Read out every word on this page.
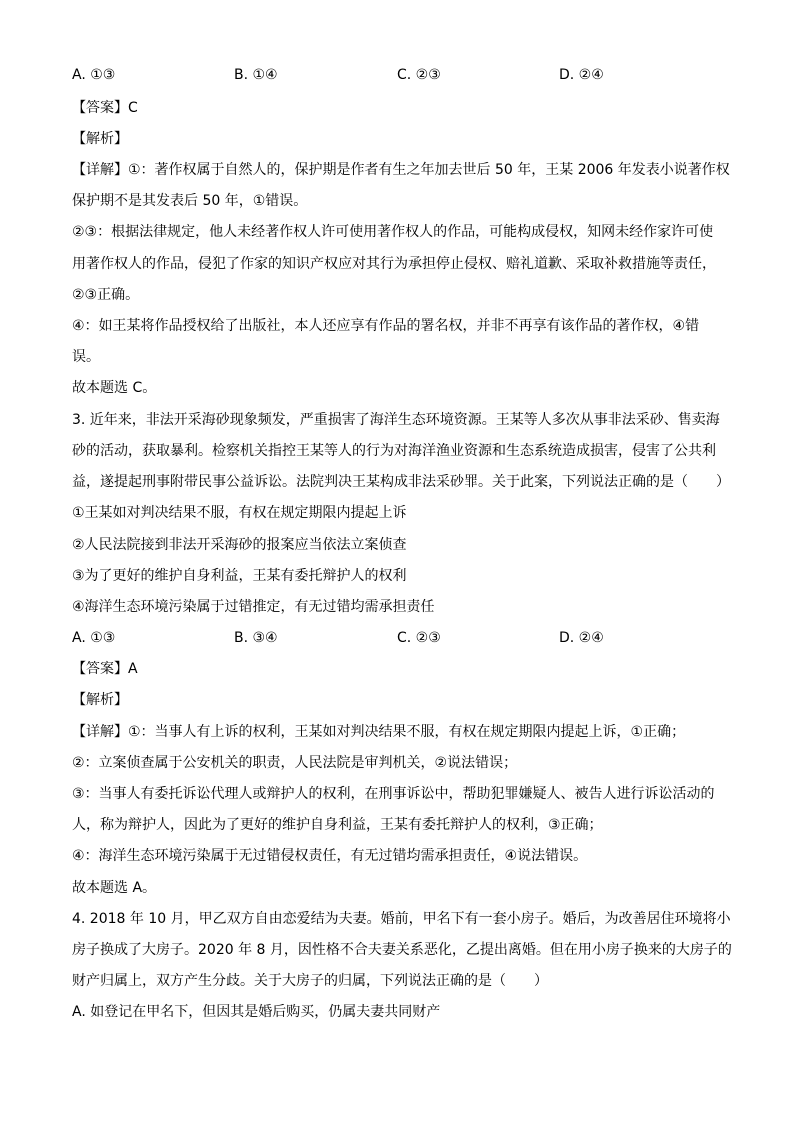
A. ①③	B. ①④	C. ②③	D. ②④
【答案】C
【解析】
【详解】①：著作权属于自然人的，保护期是作者有生之年加去世后 50 年，王某 2006 年发表小说著作权
保护期不是其发表后 50 年，①错误。
②③：根据法律规定，他人未经著作权人许可使用著作权人的作品，可能构成侵权，知网未经作家许可使
用著作权人的作品，侵犯了作家的知识产权应对其行为承担停止侵权、赔礼道歉、采取补救措施等责任，
②③正确。
④：如王某将作品授权给了出版社，本人还应享有作品的署名权，并非不再享有该作品的著作权，④错
误。
故本题选 C。
3. 近年来，非法开采海砂现象频发，严重损害了海洋生态环境资源。王某等人多次从事非法采砂、售卖海
砂的活动，获取暴利。检察机关指控王某等人的行为对海洋渔业资源和生态系统造成损害，侵害了公共利
益，遂提起刑事附带民事公益诉讼。法院判决王某构成非法采砂罪。关于此案，下列说法正确的是（　　）
①王某如对判决结果不服，有权在规定期限内提起上诉
②人民法院接到非法开采海砂的报案应当依法立案侦查
③为了更好的维护自身利益，王某有委托辩护人的权利
④海洋生态环境污染属于过错推定，有无过错均需承担责任
A. ①③	B. ③④	C. ②③	D. ②④
【答案】A
【解析】
【详解】①：当事人有上诉的权利，王某如对判决结果不服，有权在规定期限内提起上诉，①正确；
②：立案侦查属于公安机关的职责，人民法院是审判机关，②说法错误；
③：当事人有委托诉讼代理人或辩护人的权利，在刑事诉讼中，帮助犯罪嫌疑人、被告人进行诉讼活动的
人，称为辩护人，因此为了更好的维护自身利益，王某有委托辩护人的权利，③正确；
④：海洋生态环境污染属于无过错侵权责任，有无过错均需承担责任，④说法错误。
故本题选 A。
4. 2018 年 10 月，甲乙双方自由恋爱结为夫妻。婚前，甲名下有一套小房子。婚后，为改善居住环境将小
房子换成了大房子。2020 年 8 月，因性格不合夫妻关系恶化，乙提出离婚。但在用小房子换来的大房子的
财产归属上，双方产生分歧。关于大房子的归属，下列说法正确的是（　　）
A. 如登记在甲名下，但因其是婚后购买，仍属夫妻共同财产
